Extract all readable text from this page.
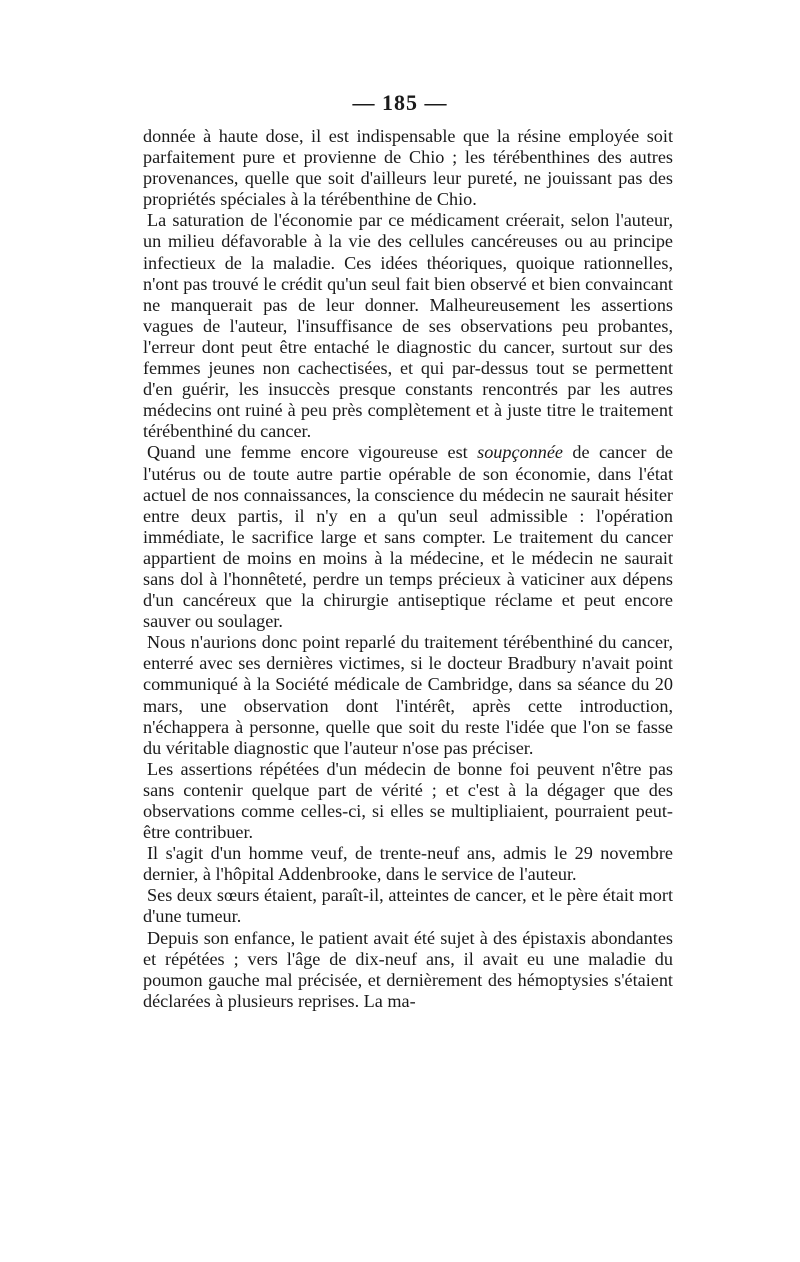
— 185 —

donnée à haute dose, il est indispensable que la résine employée soit parfaitement pure et provienne de Chio ; les térébenthines des autres provenances, quelle que soit d'ailleurs leur pureté, ne jouissant pas des propriétés spéciales à la térébenthine de Chio.

La saturation de l'économie par ce médicament créerait, selon l'auteur, un milieu défavorable à la vie des cellules cancéreuses ou au principe infectieux de la maladie. Ces idées théoriques, quoique rationnelles, n'ont pas trouvé le crédit qu'un seul fait bien observé et bien convaincant ne manquerait pas de leur donner. Malheureusement les assertions vagues de l'auteur, l'insuffisance de ses observations peu probantes, l'erreur dont peut être entaché le diagnostic du cancer, surtout sur des femmes jeunes non cachectisées, et qui par-dessus tout se permettent d'en guérir, les insuccès presque constants rencontrés par les autres médecins ont ruiné à peu près complètement et à juste titre le traitement térébenthiné du cancer.

Quand une femme encore vigoureuse est soupçonnée de cancer de l'utérus ou de toute autre partie opérable de son économie, dans l'état actuel de nos connaissances, la conscience du médecin ne saurait hésiter entre deux partis, il n'y en a qu'un seul admissible : l'opération immédiate, le sacrifice large et sans compter. Le traitement du cancer appartient de moins en moins à la médecine, et le médecin ne saurait sans dol à l'honnêteté, perdre un temps précieux à vaticiner aux dépens d'un cancéreux que la chirurgie antiseptique réclame et peut encore sauver ou soulager.

Nous n'aurions donc point reparlé du traitement térébenthiné du cancer, enterré avec ses dernières victimes, si le docteur Bradbury n'avait point communiqué à la Société médicale de Cambridge, dans sa séance du 20 mars, une observation dont l'intérêt, après cette introduction, n'échappera à personne, quelle que soit du reste l'idée que l'on se fasse du véritable diagnostic que l'auteur n'ose pas préciser.

Les assertions répétées d'un médecin de bonne foi peuvent n'être pas sans contenir quelque part de vérité ; et c'est à la dégager que des observations comme celles-ci, si elles se multipliaient, pourraient peut-être contribuer.

Il s'agit d'un homme veuf, de trente-neuf ans, admis le 29 novembre dernier, à l'hôpital Addenbrooke, dans le service de l'auteur.

Ses deux sœurs étaient, paraît-il, atteintes de cancer, et le père était mort d'une tumeur.

Depuis son enfance, le patient avait été sujet à des épistaxis abondantes et répétées ; vers l'âge de dix-neuf ans, il avait eu une maladie du poumon gauche mal précisée, et dernièrement des hémoptysies s'étaient déclarées à plusieurs reprises. La ma-
